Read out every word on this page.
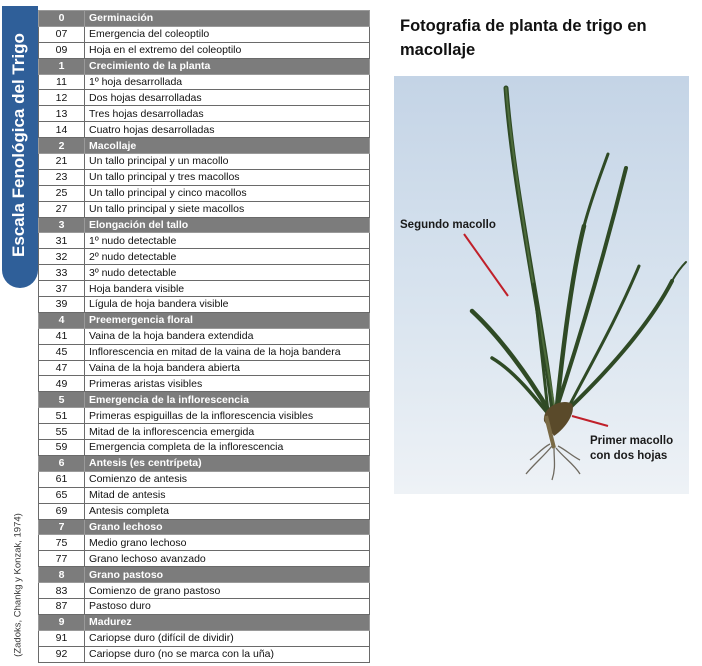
Escala Fenológica del Trigo
(Zadoks, Chankg y Konzak, 1974)
0	Germinación
07	Emergencia del coleoptilo
09	Hoja en el extremo del coleoptilo
1	Crecimiento de la planta
11	1º hoja desarrollada
12	Dos hojas desarrolladas
13	Tres hojas desarrolladas
14	Cuatro hojas desarrolladas
2	Macollaje
21	Un tallo principal y un macollo
23	Un tallo principal y tres macollos
25	Un tallo principal y cinco macollos
27	Un tallo principal y siete macollos
3	Elongación del tallo
31	1º nudo detectable
32	2º nudo detectable
33	3º nudo detectable
37	Hoja bandera visible
39	Lígula de hoja bandera visible
4	Preemergencia floral
41	Vaina de la hoja bandera extendida
45	Inflorescencia en mitad de la vaina de la hoja bandera
47	Vaina de la hoja bandera abierta
49	Primeras aristas visibles
5	Emergencia de la inflorescencia
51	Primeras espiguillas de la inflorescencia visibles
55	Mitad de la inflorescencia emergida
59	Emergencia completa de la inflorescencia
6	Antesis (es centrípeta)
61	Comienzo de antesis
65	Mitad de antesis
69	Antesis completa
7	Grano lechoso
75	Medio grano lechoso
77	Grano lechoso avanzado
8	Grano pastoso
83	Comienzo de grano pastoso
87	Pastoso duro
9	Madurez
91	Cariopse duro (difícil de dividir)
92	Cariopse duro (no se marca con la uña)
Fotografia de planta de trigo en macollaje
Segundo macollo
Primer macollo
con dos hojas
